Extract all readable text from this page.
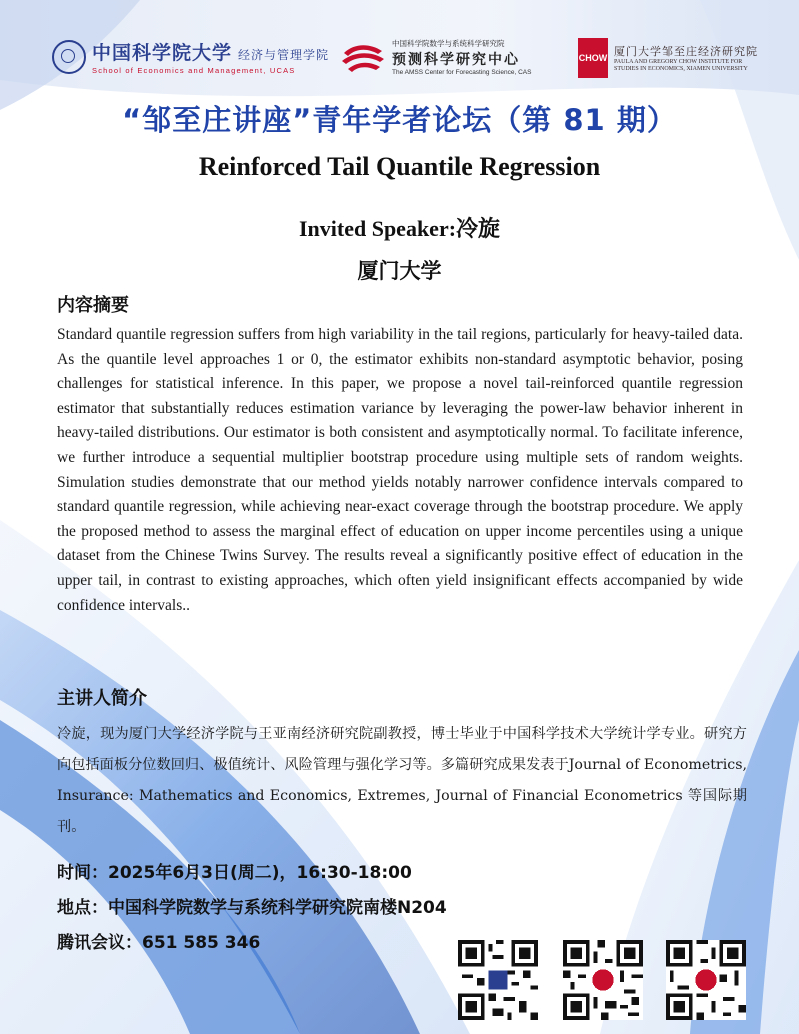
中国科学院大学 经济与管理学院
School of Economics and Management, UCAS
中国科学院数学与系统科学研究院
预测科学研究中心
The AMSS Center for Forecasting Science, CAS
CHOW
厦门大学邹至庄经济研究院
PAULA AND GREGORY CHOW INSTITUTE FOR
STUDIES IN ECONOMICS, XIAMEN UNIVERSITY
“邹至庄讲座”青年学者论坛（第 81 期）
Reinforced Tail Quantile Regression
Invited Speaker:冷旋
厦门大学
内容摘要

Standard quantile regression suffers from high variability in the tail regions, particularly for heavy-tailed data. As the quantile level approaches 1 or 0, the estimator exhibits non-standard asymptotic behavior, posing challenges for statistical inference. In this paper, we propose a novel tail-reinforced quantile regression estimator that substantially reduces estimation variance by leveraging the power-law behavior inherent in heavy-tailed distributions. Our estimator is both consistent and asymptotically normal. To facilitate inference, we further introduce a sequential multiplier bootstrap procedure using multiple sets of random weights. Simulation studies demonstrate that our method yields notably narrower confidence intervals compared to standard quantile regression, while achieving near-exact coverage through the bootstrap procedure. We apply the proposed method to assess the marginal effect of education on upper income percentiles using a unique dataset from the Chinese Twins Survey. The results reveal a significantly positive effect of education in the upper tail, in contrast to existing approaches, which often yield insignificant effects accompanied by wide confidence intervals..

主讲人简介

冷旋，现为厦门大学经济学院与王亚南经济研究院副教授，博士毕业于中国科学技术大学统计学专业。研究方向包括面板分位数回归、极值统计、风险管理与强化学习等。多篇研究成果发表于Journal of Econometrics, Insurance: Mathematics and Economics, Extremes, Journal of Financial Econometrics 等国际期刊。

时间：2025年6月3日(周二)，16:30-18:00
地点：中国科学院数学与系统科学研究院南楼N204
腾讯会议：651 585 346
